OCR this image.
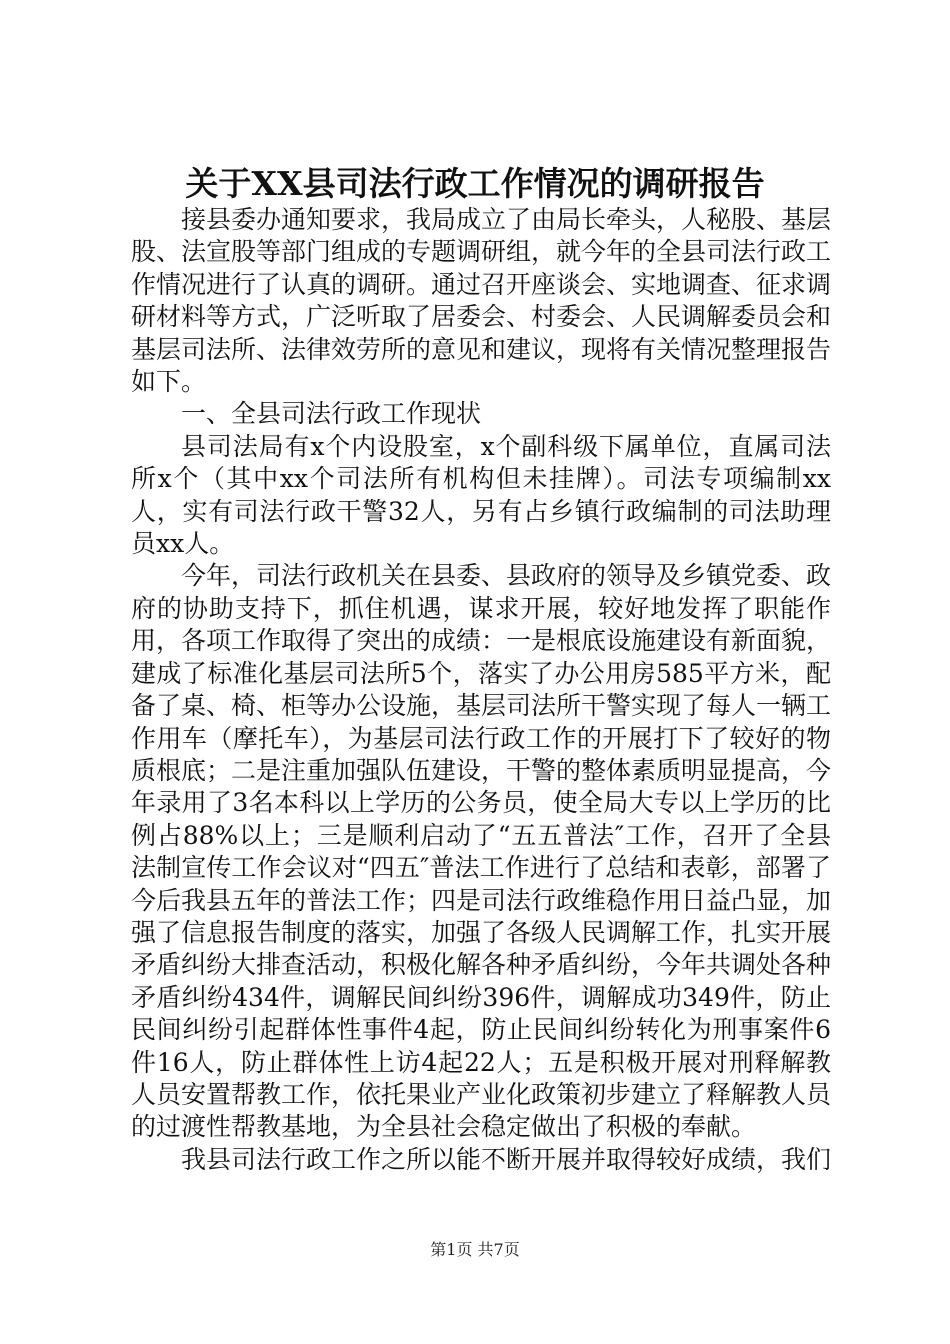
关于XX县司法行政工作情况的调研报告

接县委办通知要求，我局成立了由局长牵头，人秘股、基层股、法宣股等部门组成的专题调研组，就今年的全县司法行政工作情况进行了认真的调研。通过召开座谈会、实地调查、征求调研材料等方式，广泛听取了居委会、村委会、人民调解委员会和基层司法所、法律效劳所的意见和建议，现将有关情况整理报告如下。

一、全县司法行政工作现状

县司法局有x个内设股室，x个副科级下属单位，直属司法所x个（其中xx个司法所有机构但未挂牌）。司法专项编制xx人，实有司法行政干警32人，另有占乡镇行政编制的司法助理员xx人。

今年，司法行政机关在县委、县政府的领导及乡镇党委、政府的协助支持下，抓住机遇，谋求开展，较好地发挥了职能作用，各项工作取得了突出的成绩：一是根底设施建设有新面貌，建成了标准化基层司法所5个，落实了办公用房585平方米，配备了桌、椅、柜等办公设施，基层司法所干警实现了每人一辆工作用车（摩托车），为基层司法行政工作的开展打下了较好的物质根底；二是注重加强队伍建设，干警的整体素质明显提高，今年录用了3名本科以上学历的公务员，使全局大专以上学历的比例占88%以上；三是顺利启动了“五五普法″工作，召开了全县法制宣传工作会议对“四五″普法工作进行了总结和表彰，部署了今后我县五年的普法工作；四是司法行政维稳作用日益凸显，加强了信息报告制度的落实，加强了各级人民调解工作，扎实开展矛盾纠纷大排查活动，积极化解各种矛盾纠纷，今年共调处各种矛盾纠纷434件，调解民间纠纷396件，调解成功349件，防止民间纠纷引起群体性事件4起，防止民间纠纷转化为刑事案件6件16人，防止群体性上访4起22人；五是积极开展对刑释解教人员安置帮教工作，依托果业产业化政策初步建立了释解教人员的过渡性帮教基地，为全县社会稳定做出了积极的奉献。

我县司法行政工作之所以能不断开展并取得较好成绩，我们

第1页 共7页
